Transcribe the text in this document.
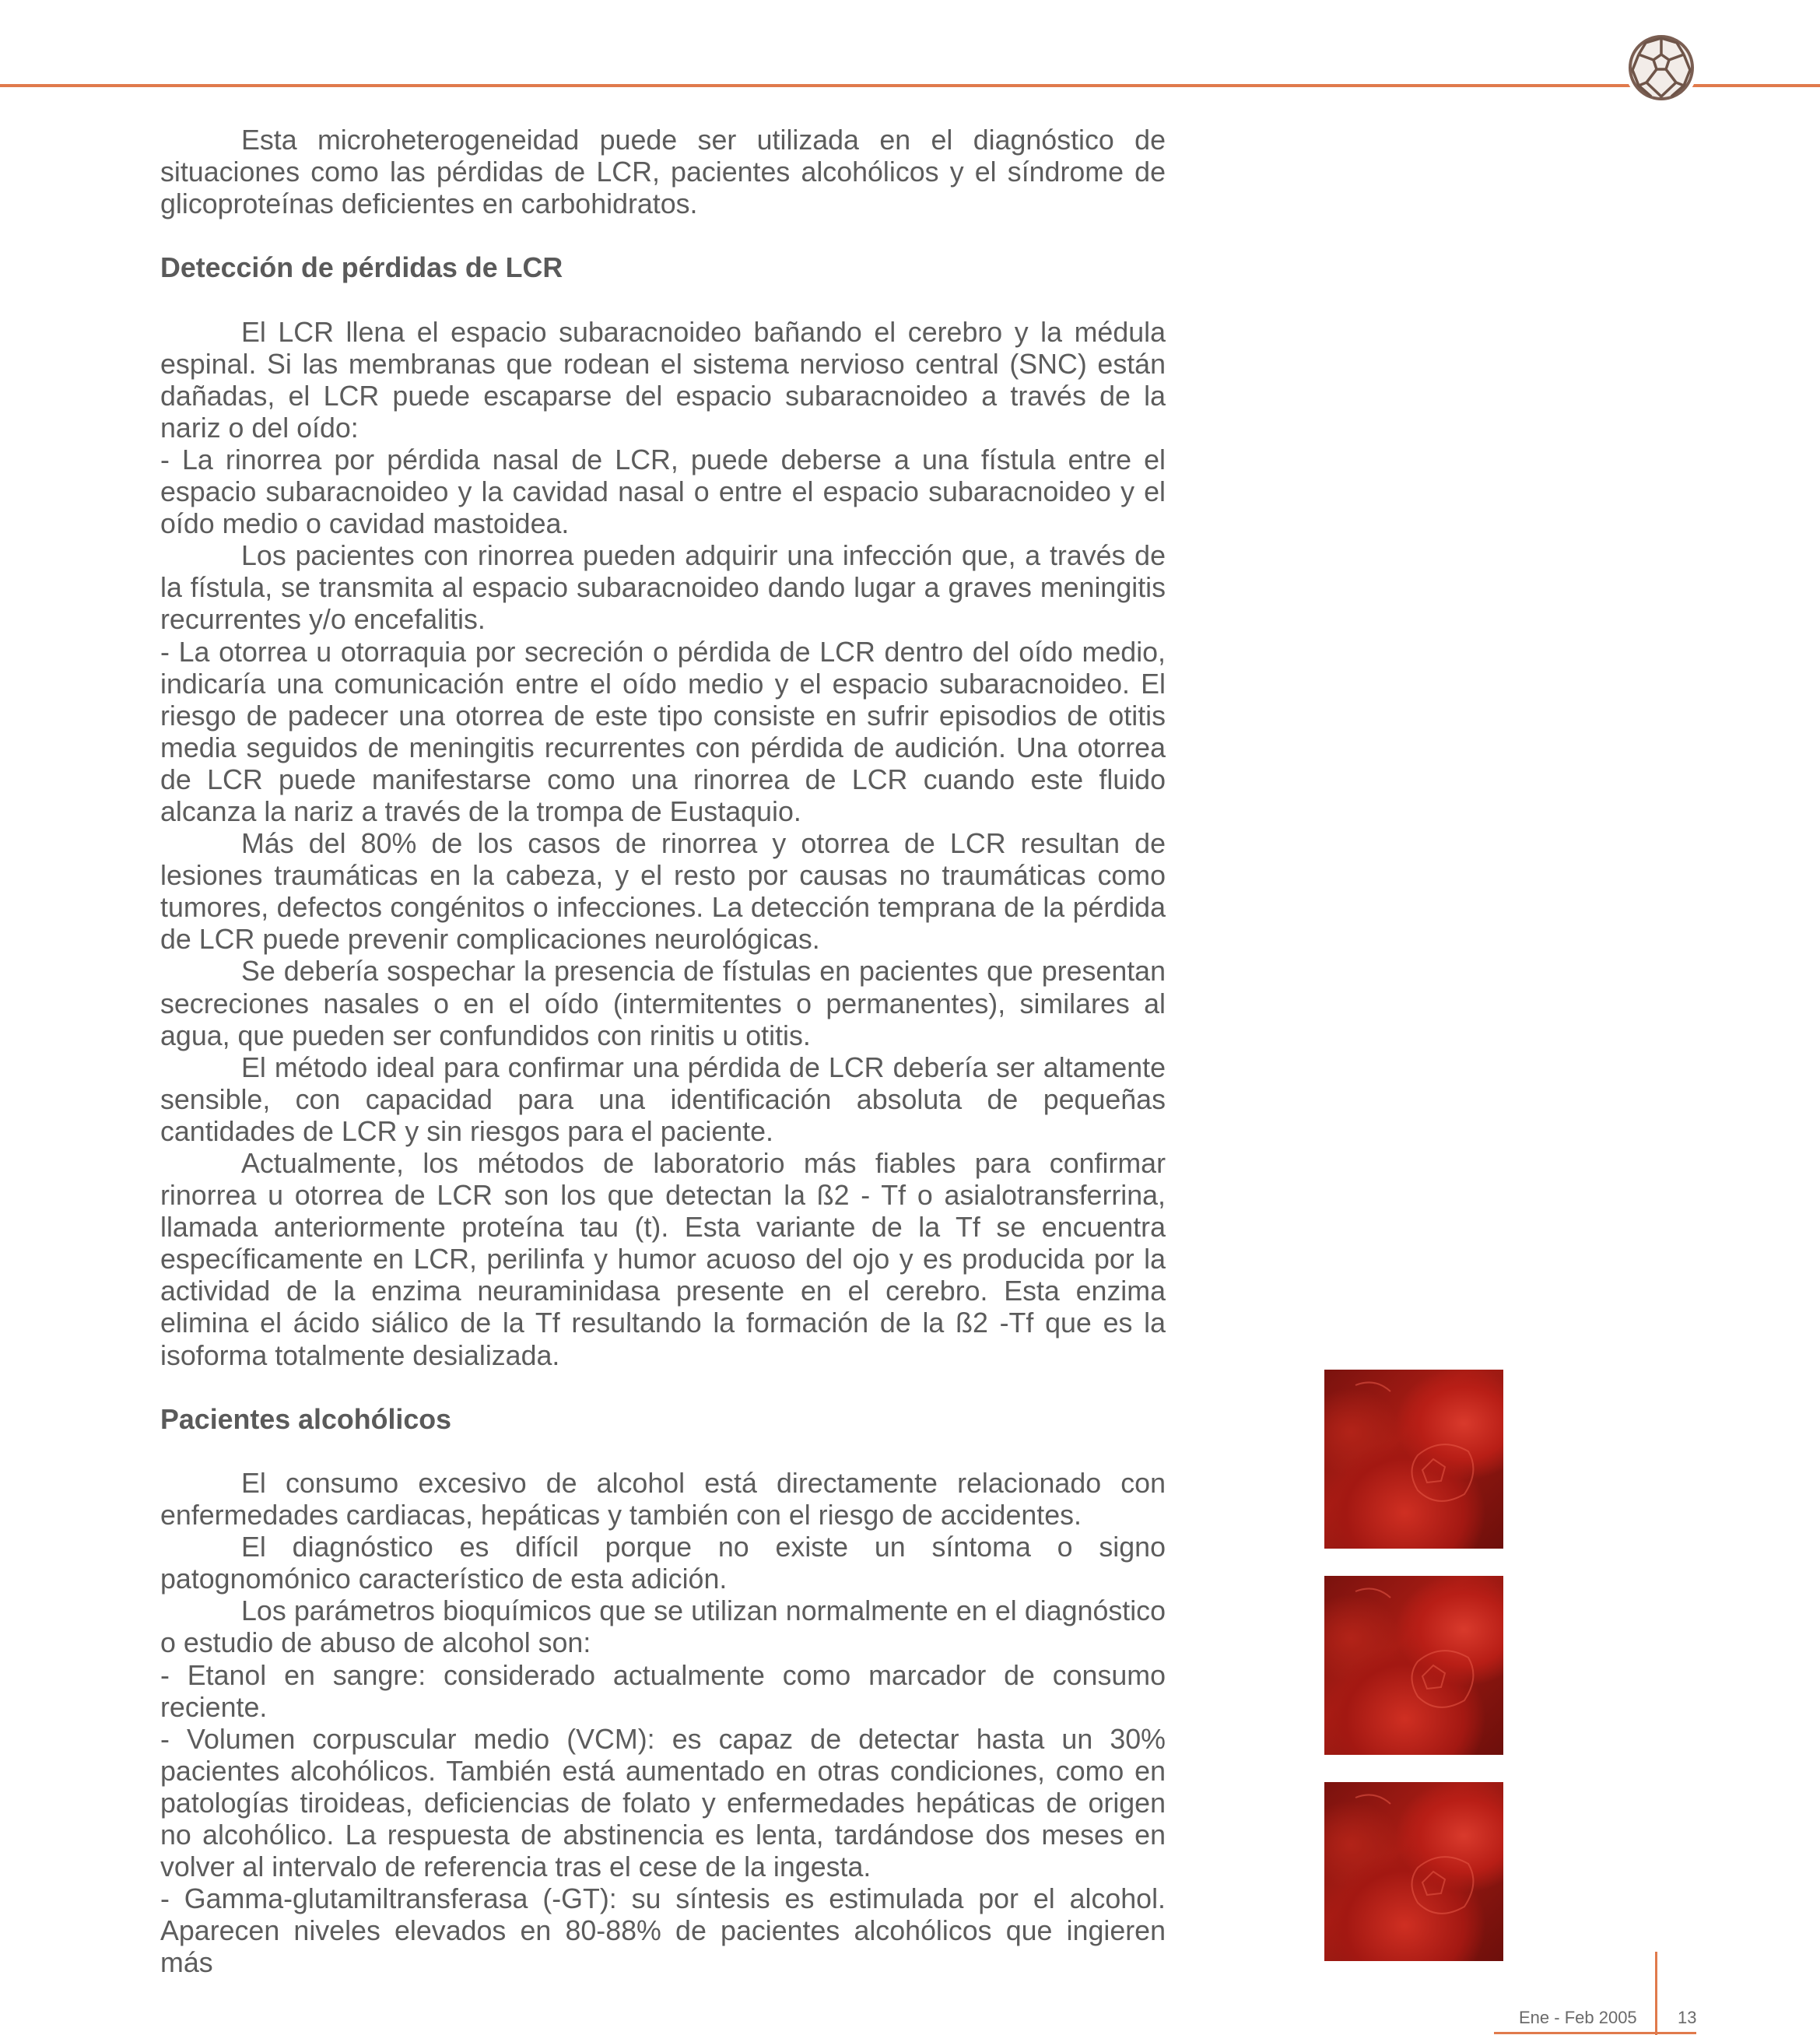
Esta microheterogeneidad puede ser utilizada en el diagnóstico de situaciones como las pérdidas de LCR, pacientes alcohólicos y el síndrome de glicoproteínas deficientes en carbohidratos.

Detección de pérdidas de LCR

El LCR llena el espacio subaracnoideo bañando el cerebro y la médula espinal. Si las membranas que rodean el sistema nervioso central (SNC) están dañadas, el LCR puede escaparse del espacio subaracnoideo a través de la nariz o del oído:

- La rinorrea por pérdida nasal de LCR, puede deberse a una fístula entre el espacio subaracnoideo y la cavidad nasal o entre el espacio subaracnoideo y el oído medio o cavidad mastoidea.

Los pacientes con rinorrea pueden adquirir una infección que, a través de la fístula, se transmita al espacio subaracnoideo dando lugar a graves meningitis recurrentes y/o encefalitis.

- La otorrea u otorraquia por secreción o pérdida de LCR dentro del oído medio, indicaría una comunicación entre el oído medio y el espacio subaracnoideo. El riesgo de padecer una otorrea de este tipo consiste en sufrir episodios de otitis media seguidos de meningitis recurrentes con pérdida de audición. Una otorrea de LCR puede manifestarse como una rinorrea de LCR cuando este fluido alcanza la nariz a través de la trompa de Eustaquio.

Más del 80% de los casos de rinorrea y otorrea de LCR resultan de lesiones traumáticas en la cabeza, y el resto por causas no traumáticas como tumores, defectos congénitos o infecciones. La detección temprana de la pérdida de LCR puede prevenir complicaciones neurológicas.

Se debería sospechar la presencia de fístulas en pacientes que presentan secreciones nasales o en el oído (intermitentes o permanentes), similares al agua, que pueden ser confundidos con rinitis u otitis.

El método ideal para confirmar una pérdida de LCR debería ser altamente sensible, con capacidad para una identificación absoluta de pequeñas cantidades de LCR y sin riesgos para el paciente.

Actualmente, los métodos de laboratorio más fiables para confirmar rinorrea u otorrea de LCR son los que detectan la ß2 - Tf o asialotransferrina, llamada anteriormente proteína tau (t). Esta variante de la Tf se encuentra específicamente en LCR, perilinfa y humor acuoso del ojo y es producida por la actividad de la enzima neuraminidasa presente en el cerebro. Esta enzima elimina el ácido siálico de la Tf resultando la formación de la ß2 -Tf que es la isoforma totalmente desializada.

Pacientes alcohólicos

El consumo excesivo de alcohol está directamente relacionado con enfermedades cardiacas, hepáticas y también con el riesgo de accidentes.

El diagnóstico es difícil porque no existe un síntoma o signo patognomónico característico de esta adición.

Los parámetros bioquímicos que se utilizan normalmente en el diagnóstico o estudio de abuso de alcohol son:

- Etanol en sangre: considerado actualmente como marcador de consumo reciente.

- Volumen corpuscular medio (VCM): es capaz de detectar hasta un 30% pacientes alcohólicos. También está aumentado en otras condiciones, como en patologías tiroideas, deficiencias de folato y enfermedades hepáticas de origen no alcohólico. La respuesta de abstinencia es lenta, tardándose dos meses en volver al intervalo de referencia tras el cese de la ingesta.

- Gamma-glutamiltransferasa (-GT): su síntesis es estimulada por el alcohol. Aparecen niveles elevados en 80-88% de pacientes alcohólicos que ingieren más

Ene - Feb 2005 13
